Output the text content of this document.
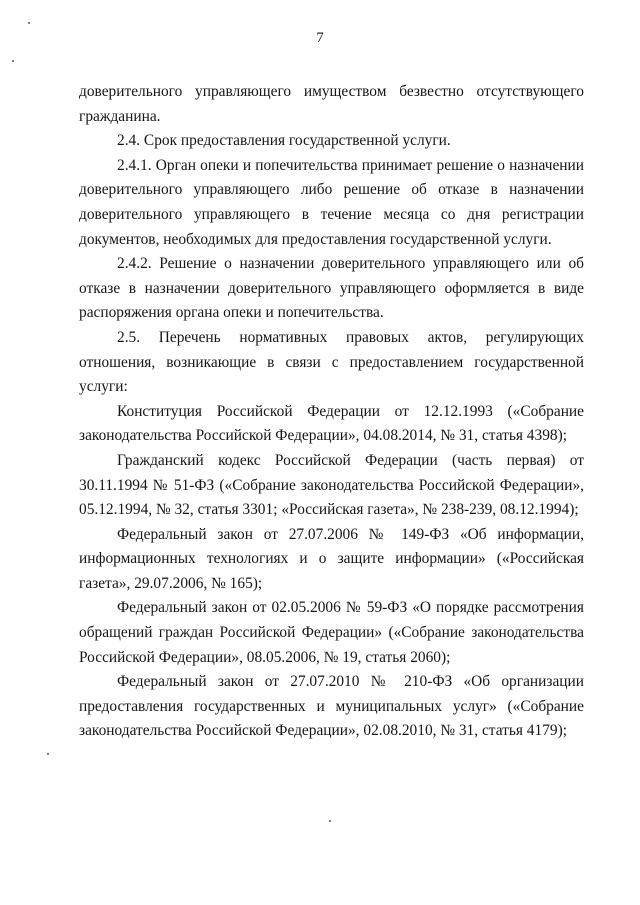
7

доверительного управляющего имуществом безвестно отсутствующего гражданина.

2.4. Срок предоставления государственной услуги.

2.4.1. Орган опеки и попечительства принимает решение о назначении доверительного управляющего либо решение об отказе в назначении доверительного управляющего в течение месяца со дня регистрации документов, необходимых для предоставления государственной услуги.

2.4.2. Решение о назначении доверительного управляющего или об отказе в назначении доверительного управляющего оформляется в виде распоряжения органа опеки и попечительства.

2.5. Перечень нормативных правовых актов, регулирующих отношения, возникающие в связи с предоставлением государственной услуги:

Конституция Российской Федерации от 12.12.1993 («Собрание законодательства Российской Федерации», 04.08.2014, № 31, статья 4398);

Гражданский кодекс Российской Федерации (часть первая) от 30.11.1994 № 51-ФЗ («Собрание законодательства Российской Федерации», 05.12.1994, № 32, статья 3301; «Российская газета», № 238-239, 08.12.1994);

Федеральный закон от 27.07.2006 № 149-ФЗ «Об информации, информационных технологиях и о защите информации» («Российская газета», 29.07.2006, № 165);

Федеральный закон от 02.05.2006 № 59-ФЗ «О порядке рассмотрения обращений граждан Российской Федерации» («Собрание законодательства Российской Федерации», 08.05.2006, № 19, статья 2060);

Федеральный закон от 27.07.2010 № 210-ФЗ «Об организации предоставления государственных и муниципальных услуг» («Собрание законодательства Российской Федерации», 02.08.2010, № 31, статья 4179);
